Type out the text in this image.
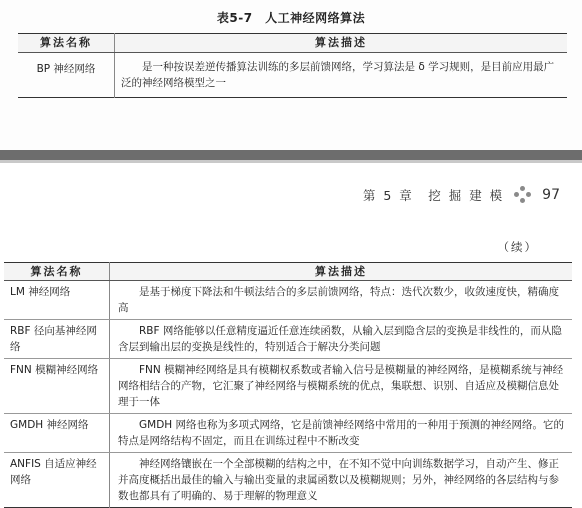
表5-7　人工神经网络算法
算法名称	算法描述
BP 神经网络	是一种按误差逆传播算法训练的多层前馈网络，学习算法是 δ 学习规则，是目前应用最广泛的神经网络模型之一
第 5 章　挖 掘 建 模	97
（续）
算法名称	算法描述
LM 神经网络	是基于梯度下降法和牛顿法结合的多层前馈网络，特点：迭代次数少，收敛速度快，精确度高
RBF 径向基神经网络	RBF 网络能够以任意精度逼近任意连续函数，从输入层到隐含层的变换是非线性的，而从隐含层到输出层的变换是线性的，特别适合于解决分类问题
FNN 模糊神经网络	FNN 模糊神经网络是具有模糊权系数或者输入信号是模糊量的神经网络，是模糊系统与神经网络相结合的产物，它汇聚了神经网络与模糊系统的优点，集联想、识别、自适应及模糊信息处理于一体
GMDH 神经网络	GMDH 网络也称为多项式网络，它是前馈神经网络中常用的一种用于预测的神经网络。它的特点是网络结构不固定，而且在训练过程中不断改变
ANFIS 自适应神经网络	神经网络镶嵌在一个全部模糊的结构之中，在不知不觉中向训练数据学习，自动产生、修正并高度概括出最佳的输入与输出变量的隶属函数以及模糊规则；另外，神经网络的各层结构与参数也都具有了明确的、易于理解的物理意义
